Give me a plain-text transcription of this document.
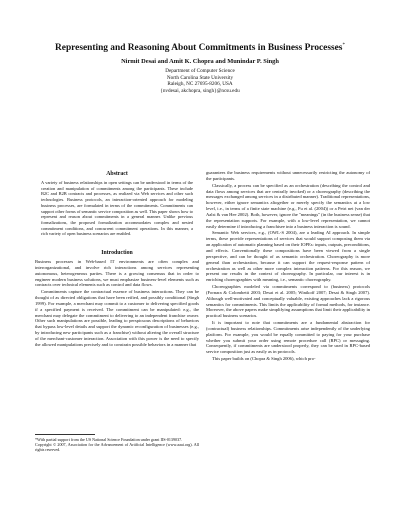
Representing and Reasoning About Commitments in Business Processes*
Nirmit Desai and Amit K. Chopra and Munindar P. Singh
Department of Computer Science
North Carolina State University
Raleigh, NC 27695-8206, USA
{nvdesai, akchopra, singh}@ncsu.edu
Abstract
A variety of business relationships in open settings can be understood in terms of the creation and manipulation of commitments among the participants. These include B2C and B2B contracts and processes, as realized via Web services and other such technologies. Business protocols, an interaction-oriented approach for modeling business processes, are formulated in terms of the commitments. Commitments can support other forms of semantic service composition as well. This paper shows how to represent and reason about commitments in a general manner. Unlike previous formalizations, the proposed formalization accommodates complex and nested commitment conditions, and concurrent commitment operations. In this manner, a rich variety of open business scenarios are enabled.
Introduction
Business processes in Web-based IT environments are often complex and interorganizational, and involve rich interactions among services representing autonomous, heterogeneous parties. There is a growing consensus that in order to engineer modern business solutions, we must emphasize business-level elements such as contracts over technical elements such as control and data flows.
Commitments capture the contractual essence of business interactions. They can be thought of as directed obligations that have been reified, and possibly conditional (Singh 1999). For example, a merchant may commit to a customer to delivering specified goods if a specified payment is received. The commitment can be manipulated: e.g., the merchant may delegate the commitment to delivering to an independent franchise owner. Other such manipulations are possible, leading to perspicuous descriptions of behaviors that bypass low-level details and support the dynamic reconfiguration of businesses (e.g., by introducing new participants such as a franchise) without altering the overall structure of the merchant-customer interaction. Association with this power is the need to specify the allowed manipulations precisely and to constrain possible behaviors in a manner that
*With partial support from the US National Science Foundation under grant IIS-0139037.
Copyright © 2007, Association for the Advancement of Artificial Intelligence (www.aaai.org). All rights reserved.
guarantees the business requirements without unnecessarily restricting the autonomy of the participants.
Classically, a process can be specified as an orchestration (describing the control and data flows among services that are centrally invoked) or a choreography (describing the messages exchanged among services in a distributed manner). Traditional representations, however, either ignore semantics altogether or merely specify the semantics at a low level, i.e., in terms of a finite state machine (e.g., Fu et al. (2004)) or a Petri net (van der Aalst & van Hee 2002). Both, however, ignore the "meanings" (in the business sense) that the representation supports. For example, with a low-level representation, we cannot easily determine if introducing a franchisee into a business interaction is sound.
Semantic Web services, e.g., (OWL-S 2004), are a leading AI approach. In simple terms, these provide representations of services that would support composing them via an application of automatic planning based on their IOPEs: inputs, outputs, preconditions, and effects. Conventionally these compositions have been viewed from a single perspective, and can be thought of as semantic orchestration. Choreography is more general than orchestration, because it can support the request-response pattern of orchestration as well as other more complex interaction patterns. For this reason, we present our results in the context of choreography. In particular, our interest is in enriching choreographies with meaning, i.e., semantic choreography.
Choreographies modeled via commitments correspond to (business) protocols (Fornara & Colombetti 2003; Desai et al. 2005; Winikoff 2007; Desai & Singh 2007). Although well-motivated and conceptually valuable, existing approaches lack a rigorous semantics for commitments. This limits the applicability of formal methods, for instance. Moreover, the above papers make simplifying assumptions that limit their applicability in practical business scenarios.
It is important to note that commitments are a fundamental abstraction for (contractual) business relationships. Commitments arise independently of the underlying platform. For example, you would be equally committed to paying for your purchase whether you submit your order using remote procedure call (RPC) or messaging. Consequently, if commitments are understood properly, they can be used in RPC-based service composition just as easily as in protocols.
This paper builds on (Chopra & Singh 2006), which pro-
